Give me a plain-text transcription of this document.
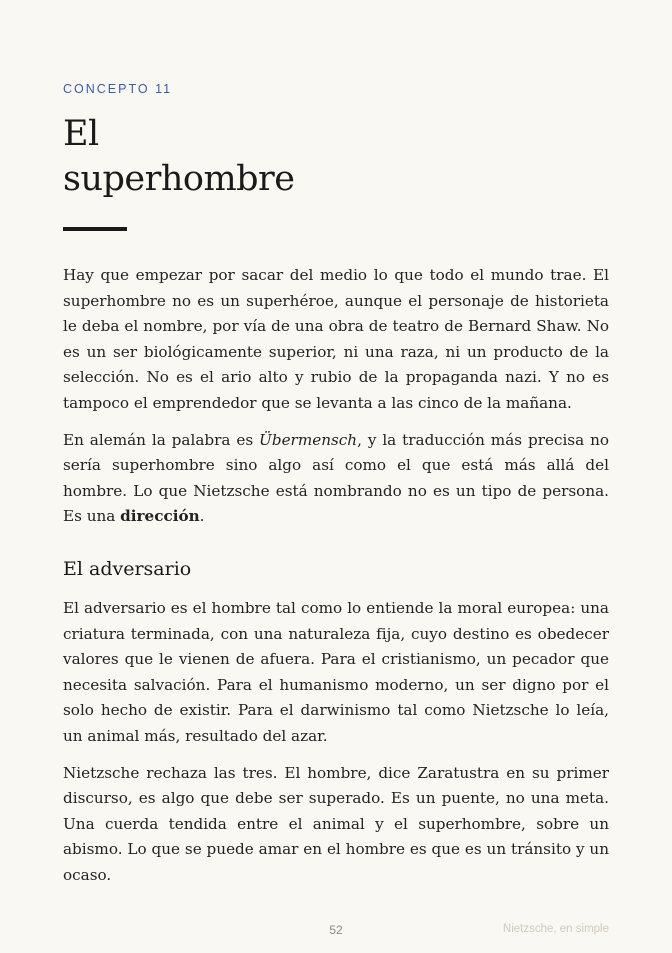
CONCEPTO 11
El
superhombre

Hay que empezar por sacar del medio lo que todo el mundo trae. El superhombre no es un superhéroe, aunque el personaje de historieta le deba el nombre, por vía de una obra de teatro de Bernard Shaw. No es un ser biológicamente superior, ni una raza, ni un producto de la selección. No es el ario alto y rubio de la propaganda nazi. Y no es tampoco el emprendedor que se levanta a las cinco de la mañana.

En alemán la palabra es Übermensch, y la traducción más precisa no sería superhombre sino algo así como el que está más allá del hombre. Lo que Nietzsche está nombrando no es un tipo de persona. Es una dirección.

El adversario

El adversario es el hombre tal como lo entiende la moral europea: una criatura terminada, con una naturaleza fija, cuyo destino es obedecer valores que le vienen de afuera. Para el cristianismo, un pecador que necesita salvación. Para el humanismo moderno, un ser digno por el solo hecho de existir. Para el darwinismo tal como Nietzsche lo leía, un animal más, resultado del azar.

Nietzsche rechaza las tres. El hombre, dice Zaratustra en su primer discurso, es algo que debe ser superado. Es un puente, no una meta. Una cuerda tendida entre el animal y el superhombre, sobre un abismo. Lo que se puede amar en el hombre es que es un tránsito y un ocaso.

52	Nietzsche, en simple
